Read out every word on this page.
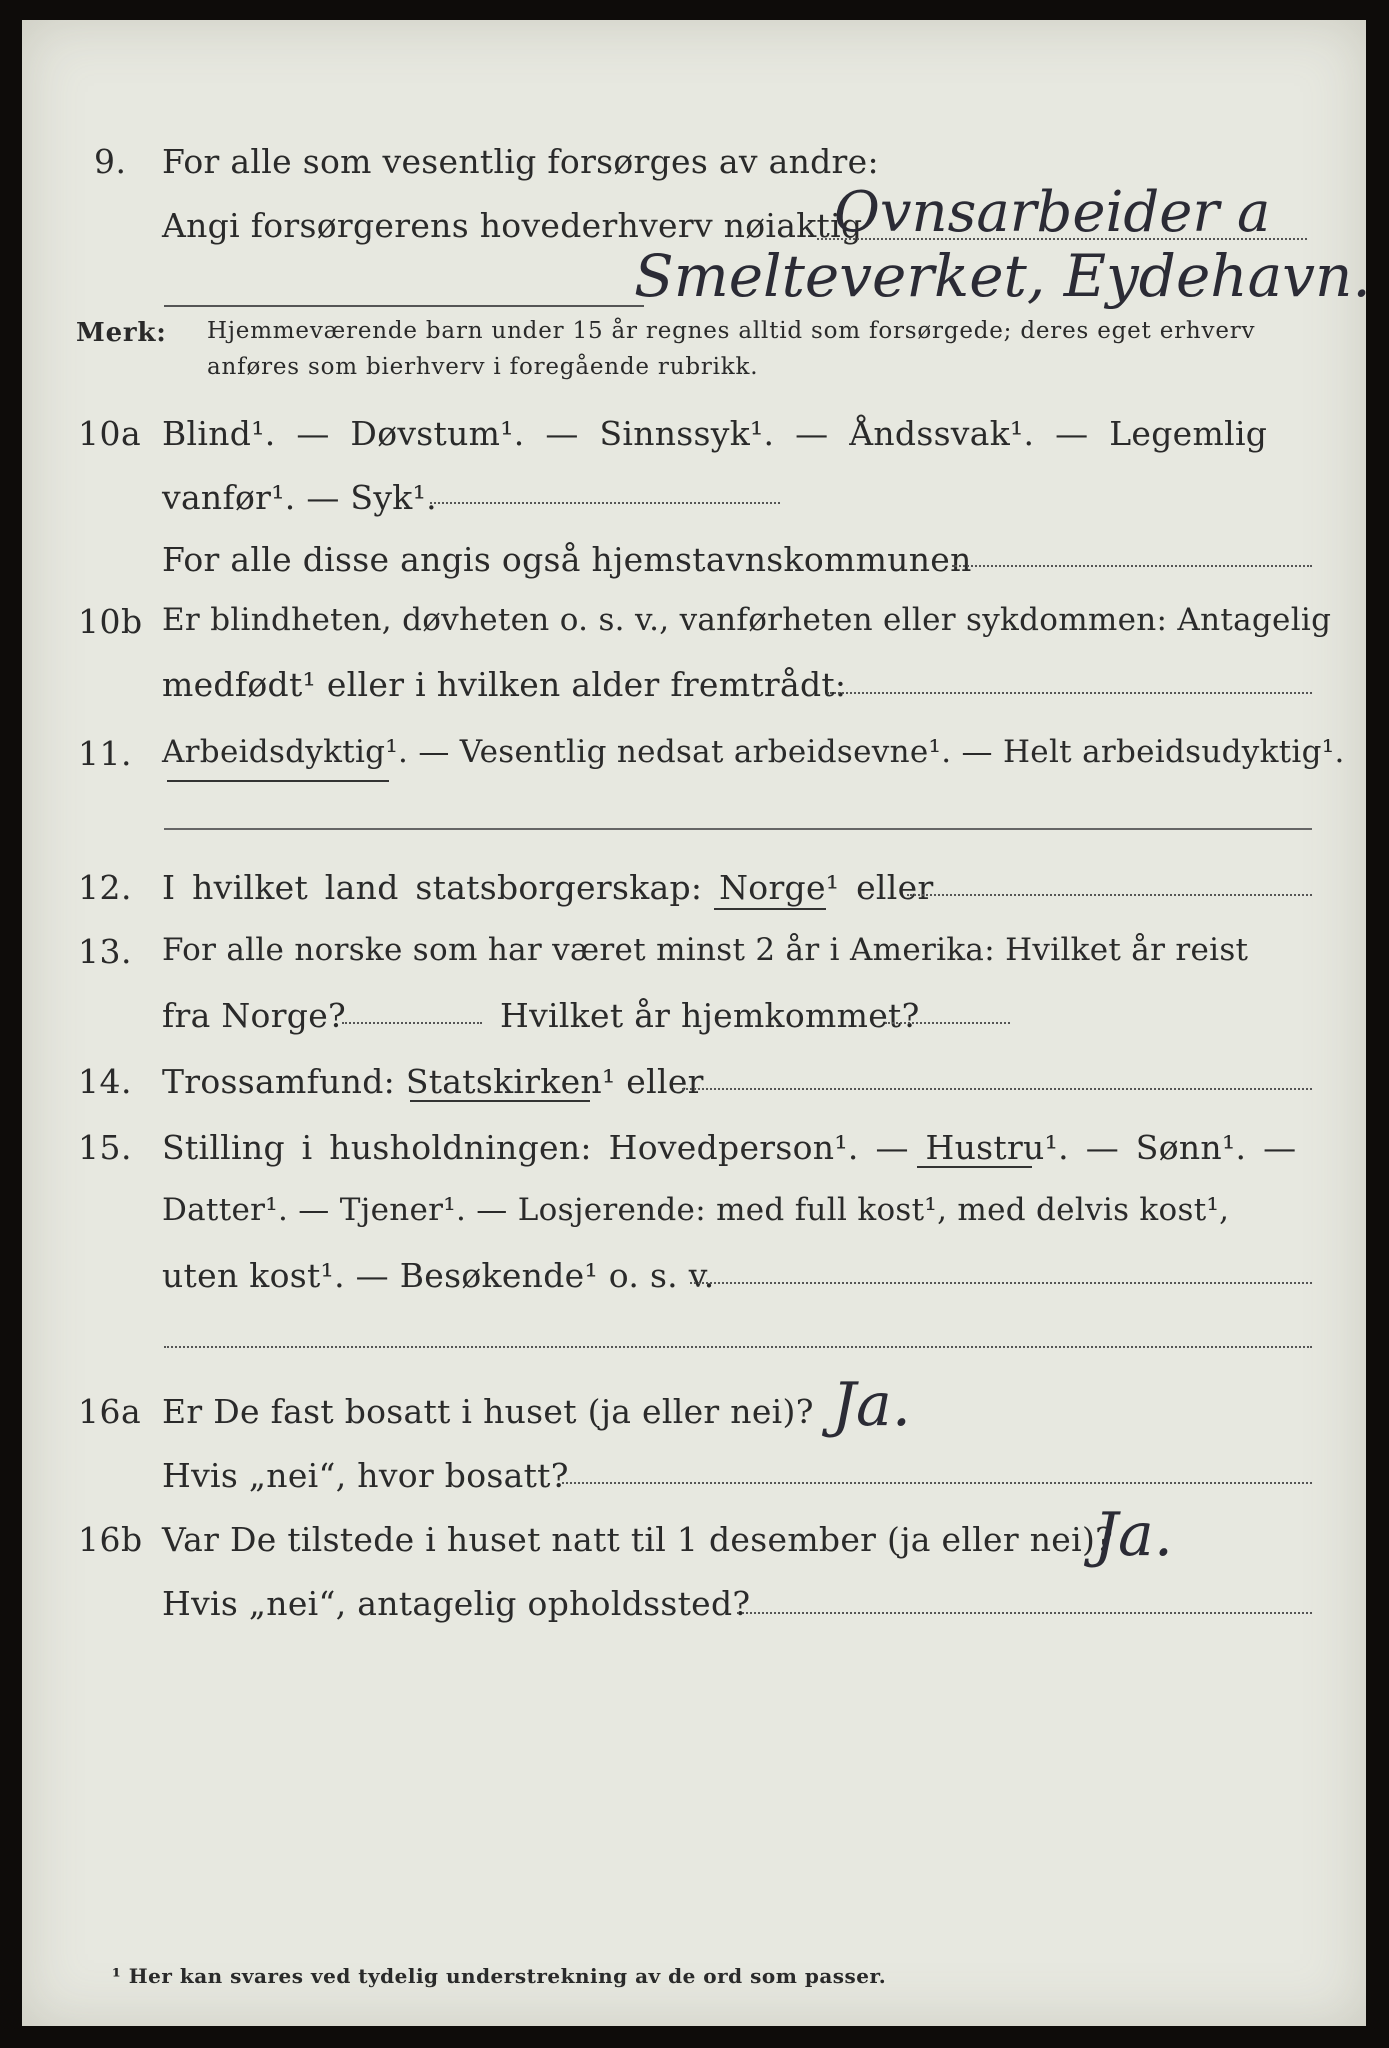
9. For alle som vesentlig forsørges av andre:
Angi forsørgerens hovederhverv nøiaktig
Ovnsarbeider a
Smelteverket, Eydehavn.
Merk: Hjemmeværende barn under 15 år regnes alltid som forsørgede; deres eget erhverv
anføres som bierhverv i foregående rubrikk.
10a Blind¹. — Døvstum¹. — Sinnssyk¹. — Åndssvak¹. — Legemlig
vanfør¹. — Syk¹.
For alle disse angis også hjemstavnskommunen
10b Er blindheten, døvheten o. s. v., vanførheten eller sykdommen: Antagelig
medfødt¹ eller i hvilken alder fremtrådt:
11. Arbeidsdyktig¹. — Vesentlig nedsat arbeidsevne¹. — Helt arbeidsudyktig¹.
12. I hvilket land statsborgerskap: Norge¹ eller
13. For alle norske som har været minst 2 år i Amerika: Hvilket år reist
fra Norge?	Hvilket år hjemkommet?
14. Trossamfund: Statskirken¹ eller
15. Stilling i husholdningen: Hovedperson¹. — Hustru¹. — Sønn¹. —
Datter¹. — Tjener¹. — Losjerende: med full kost¹, med delvis kost¹,
uten kost¹. — Besøkende¹ o. s. v.
16a Er De fast bosatt i huset (ja eller nei)? Ja.
Hvis „nei“, hvor bosatt?
16b Var De tilstede i huset natt til 1 desember (ja eller nei)?
Ja.
Hvis „nei“, antagelig opholdssted?
¹ Her kan svares ved tydelig understrekning av de ord som passer.
